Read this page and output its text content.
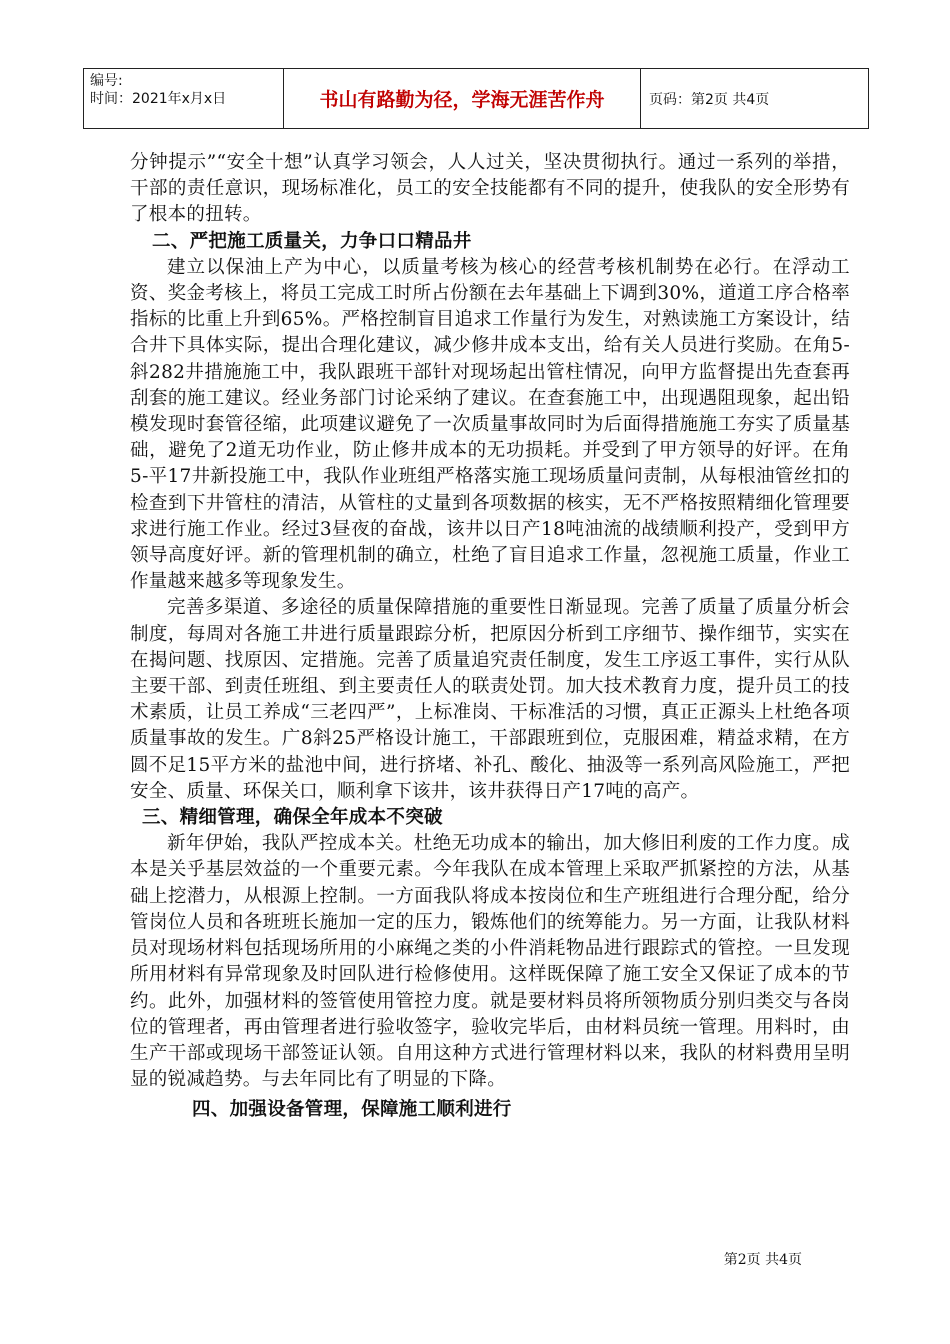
编号:
时间：2021年x月x日	书山有路勤为径，学海无涯苦作舟	页码：第2页 共4页

分钟提示”“安全十想”认真学习领会，人人过关，坚决贯彻执行。通过一系列的举措，干部的责任意识，现场标准化，员工的安全技能都有不同的提升，使我队的安全形势有了根本的扭转。

二、严把施工质量关，力争口口精品井

建立以保油上产为中心，以质量考核为核心的经营考核机制势在必行。在浮动工资、奖金考核上，将员工完成工时所占份额在去年基础上下调到30%，道道工序合格率指标的比重上升到65%。严格控制盲目追求工作量行为发生，对熟读施工方案设计，结合井下具体实际，提出合理化建议，减少修井成本支出，给有关人员进行奖励。在角5-斜282井措施施工中，我队跟班干部针对现场起出管柱情况，向甲方监督提出先查套再刮套的施工建议。经业务部门讨论采纳了建议。在查套施工中，出现遇阻现象，起出铅模发现时套管径缩，此项建议避免了一次质量事故同时为后面得措施施工夯实了质量基础，避免了2道无功作业，防止修井成本的无功损耗。并受到了甲方领导的好评。在角5-平17井新投施工中，我队作业班组严格落实施工现场质量问责制，从每根油管丝扣的检查到下井管柱的清洁，从管柱的丈量到各项数据的核实，无不严格按照精细化管理要求进行施工作业。经过3昼夜的奋战，该井以日产18吨油流的战绩顺利投产，受到甲方领导高度好评。新的管理机制的确立，杜绝了盲目追求工作量，忽视施工质量，作业工作量越来越多等现象发生。

完善多渠道、多途径的质量保障措施的重要性日渐显现。完善了质量了质量分析会制度，每周对各施工井进行质量跟踪分析，把原因分析到工序细节、操作细节，实实在在揭问题、找原因、定措施。完善了质量追究责任制度，发生工序返工事件，实行从队主要干部、到责任班组、到主要责任人的联责处罚。加大技术教育力度，提升员工的技术素质，让员工养成“三老四严”，上标准岗、干标准活的习惯，真正正源头上杜绝各项质量事故的发生。广8斜25严格设计施工，干部跟班到位，克服困难，精益求精，在方圆不足15平方米的盐池中间，进行挤堵、补孔、酸化、抽汲等一系列高风险施工，严把安全、质量、环保关口，顺利拿下该井，该井获得日产17吨的高产。

三、精细管理，确保全年成本不突破

新年伊始，我队严控成本关。杜绝无功成本的输出，加大修旧利废的工作力度。成本是关乎基层效益的一个重要元素。今年我队在成本管理上采取严抓紧控的方法，从基础上挖潜力，从根源上控制。一方面我队将成本按岗位和生产班组进行合理分配，给分管岗位人员和各班班长施加一定的压力，锻炼他们的统筹能力。另一方面，让我队材料员对现场材料包括现场所用的小麻绳之类的小件消耗物品进行跟踪式的管控。一旦发现所用材料有异常现象及时回队进行检修使用。这样既保障了施工安全又保证了成本的节约。此外，加强材料的签管使用管控力度。就是要材料员将所领物质分别归类交与各岗位的管理者，再由管理者进行验收签字，验收完毕后，由材料员统一管理。用料时，由生产干部或现场干部签证认领。自用这种方式进行管理材料以来，我队的材料费用呈明显的锐减趋势。与去年同比有了明显的下降。

四、加强设备管理，保障施工顺利进行

第2页 共4页
